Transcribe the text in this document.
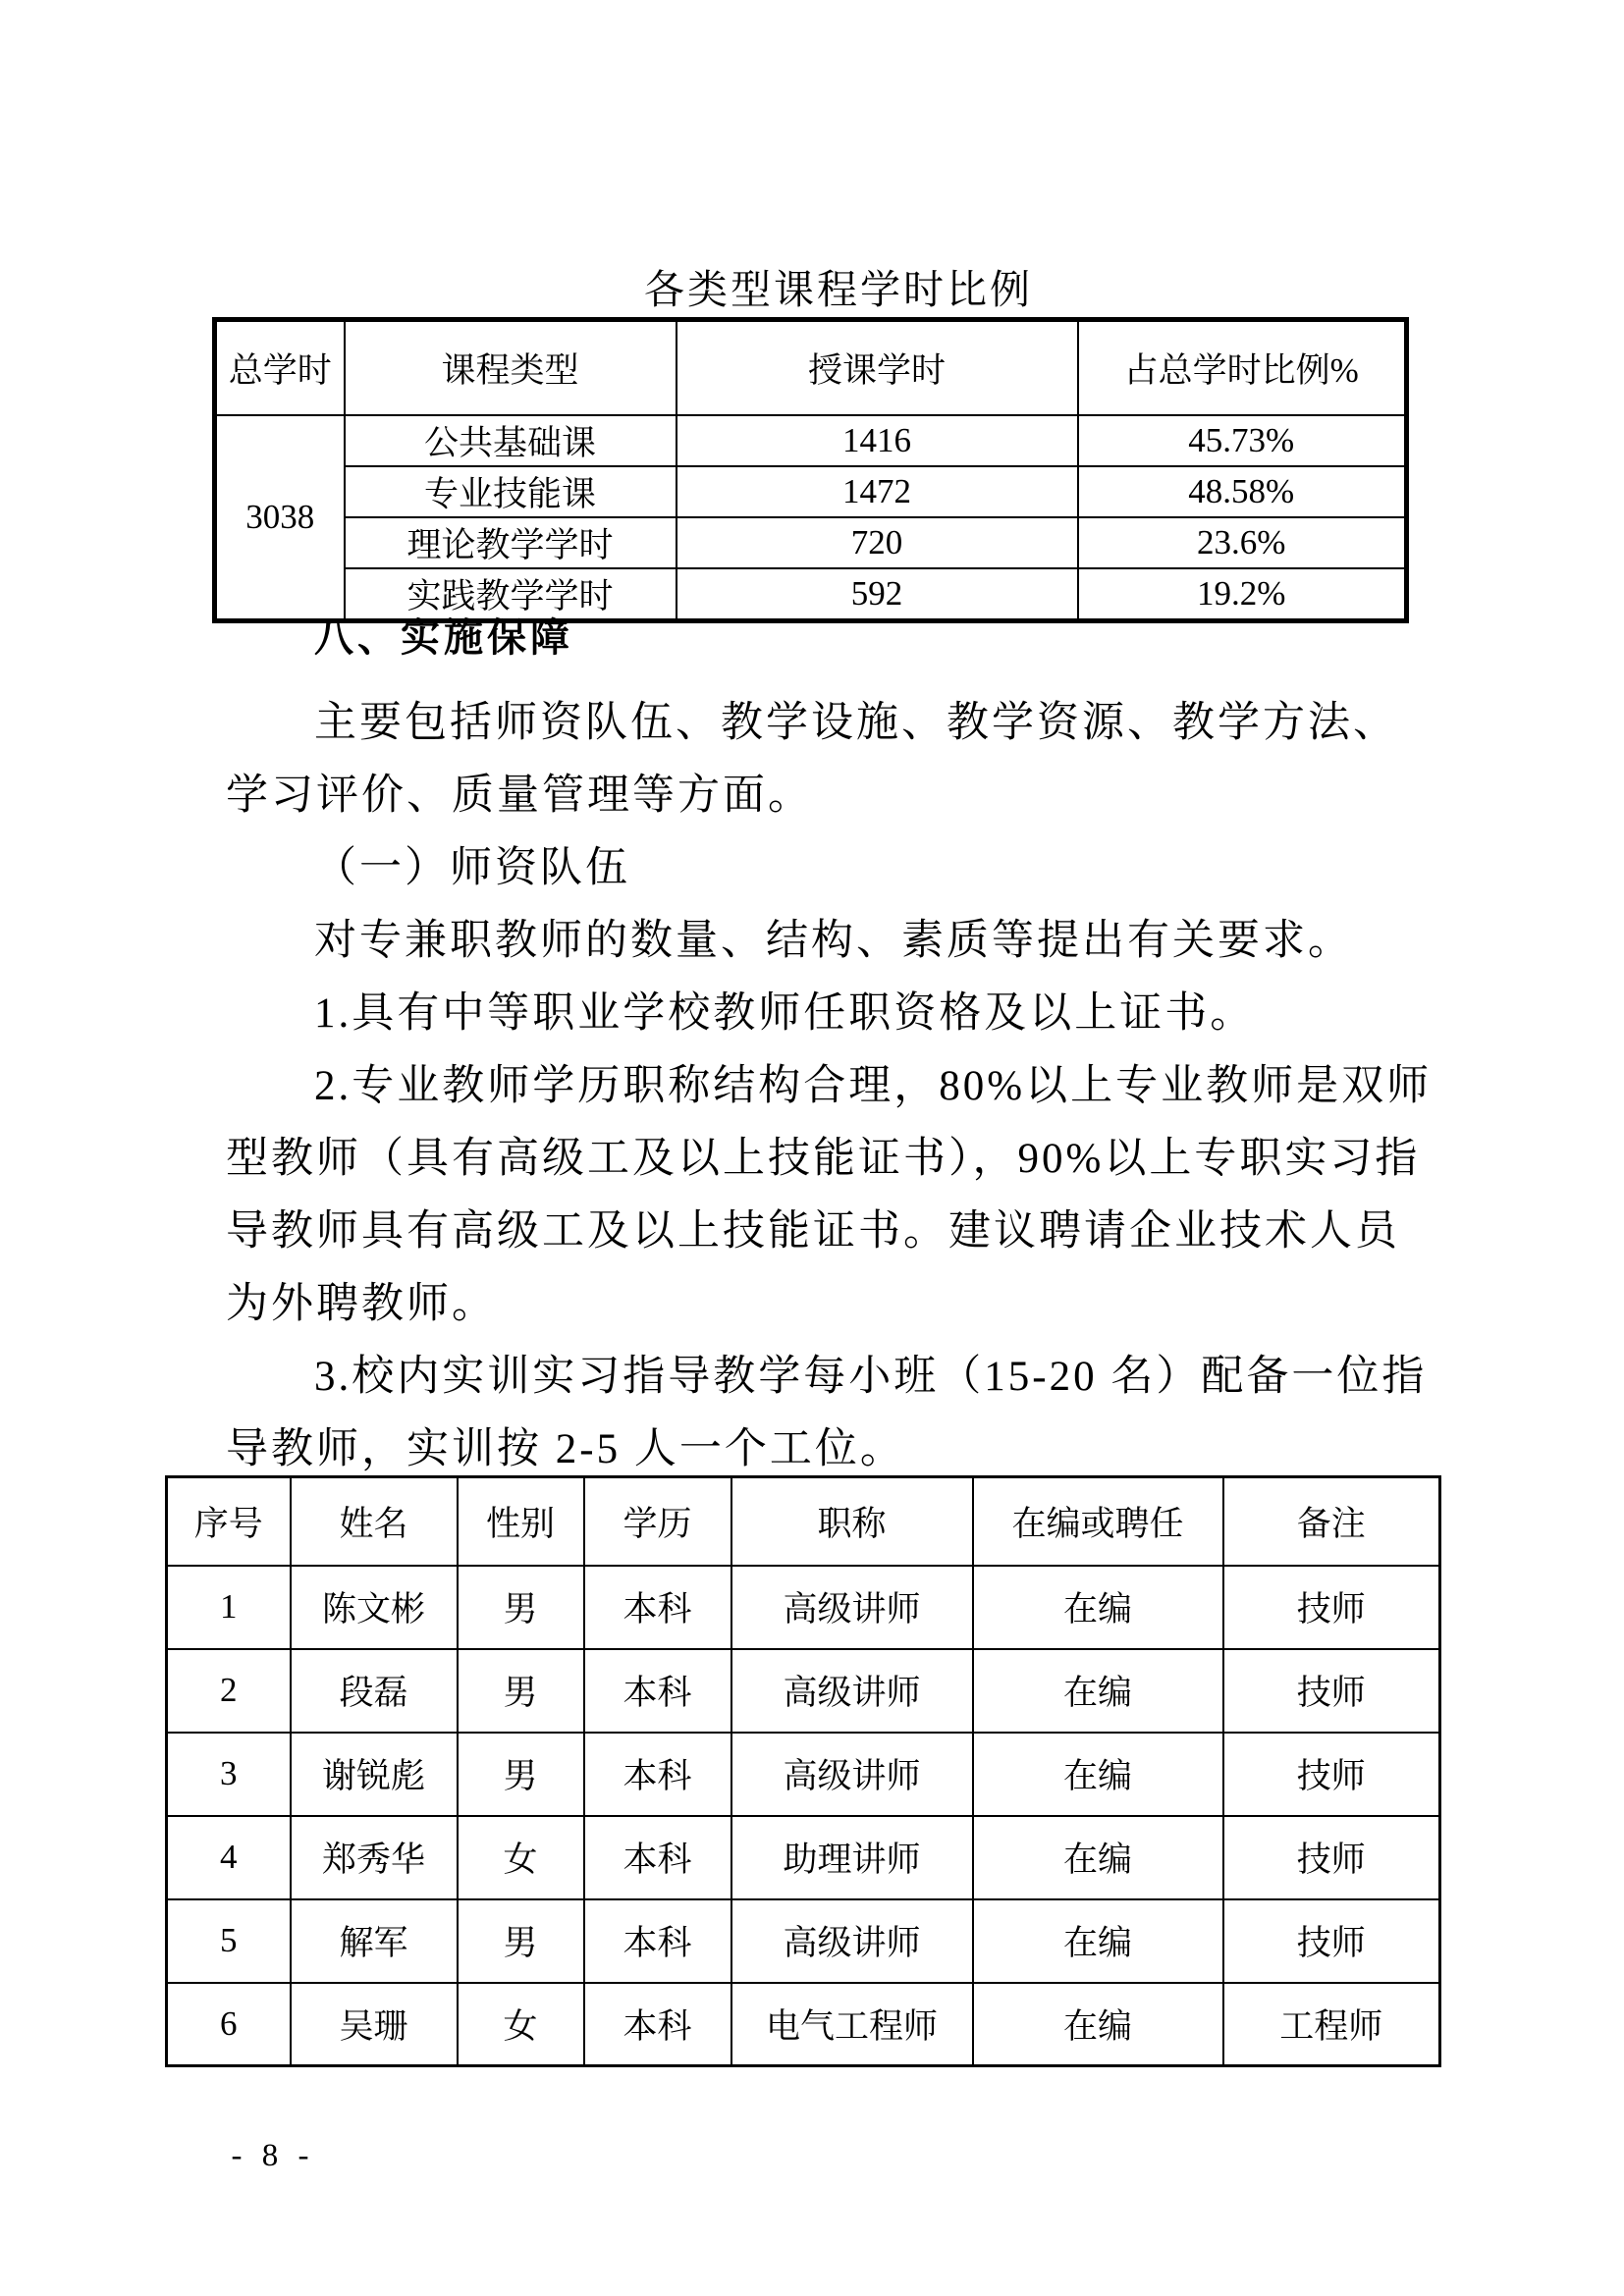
各类型课程学时比例
总学时	课程类型	授课学时	占总学时比例%
3038	公共基础课	1416	45.73%
	专业技能课	1472	48.58%
	理论教学学时	720	23.6%
	实践教学学时	592	19.2%
八、实施保障
主要包括师资队伍、教学设施、教学资源、教学方法、
学习评价、质量管理等方面。
（一）师资队伍
对专兼职教师的数量、结构、素质等提出有关要求。
1.具有中等职业学校教师任职资格及以上证书。
2.专业教师学历职称结构合理，80%以上专业教师是双师
型教师（具有高级工及以上技能证书），90%以上专职实习指
导教师具有高级工及以上技能证书。建议聘请企业技术人员
为外聘教师。
3.校内实训实习指导教学每小班（15-20 名）配备一位指
导教师，实训按 2-5 人一个工位。
序号	姓名	性别	学历	职称	在编或聘任	备注
1	陈文彬	男	本科	高级讲师	在编	技师
2	段磊	男	本科	高级讲师	在编	技师
3	谢锐彪	男	本科	高级讲师	在编	技师
4	郑秀华	女	本科	助理讲师	在编	技师
5	解军	男	本科	高级讲师	在编	技师
6	吴珊	女	本科	电气工程师	在编	工程师
- 8 -
